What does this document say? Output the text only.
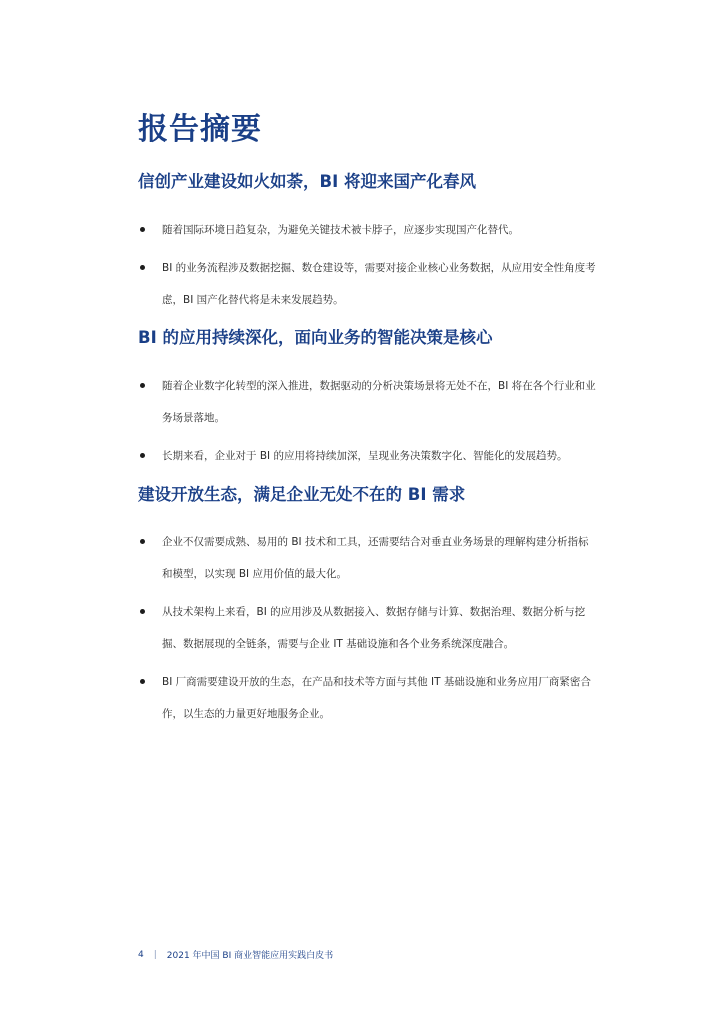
报告摘要
信创产业建设如火如荼，BI 将迎来国产化春风
随着国际环境日趋复杂，为避免关键技术被卡脖子，应逐步实现国产化替代。
BI 的业务流程涉及数据挖掘、数仓建设等，需要对接企业核心业务数据，从应用安全性角度考虑，BI 国产化替代将是未来发展趋势。
BI 的应用持续深化，面向业务的智能决策是核心
随着企业数字化转型的深入推进，数据驱动的分析决策场景将无处不在，BI 将在各个行业和业务场景落地。
长期来看，企业对于 BI 的应用将持续加深，呈现业务决策数字化、智能化的发展趋势。
建设开放生态，满足企业无处不在的 BI 需求
企业不仅需要成熟、易用的 BI 技术和工具，还需要结合对垂直业务场景的理解构建分析指标和模型，以实现 BI 应用价值的最大化。
从技术架构上来看，BI 的应用涉及从数据接入、数据存储与计算、数据治理、数据分析与挖掘、数据展现的全链条，需要与企业 IT 基础设施和各个业务系统深度融合。
BI 厂商需要建设开放的生态，在产品和技术等方面与其他 IT 基础设施和业务应用厂商紧密合作，以生态的力量更好地服务企业。
4 | 2021 年中国 BI 商业智能应用实践白皮书
